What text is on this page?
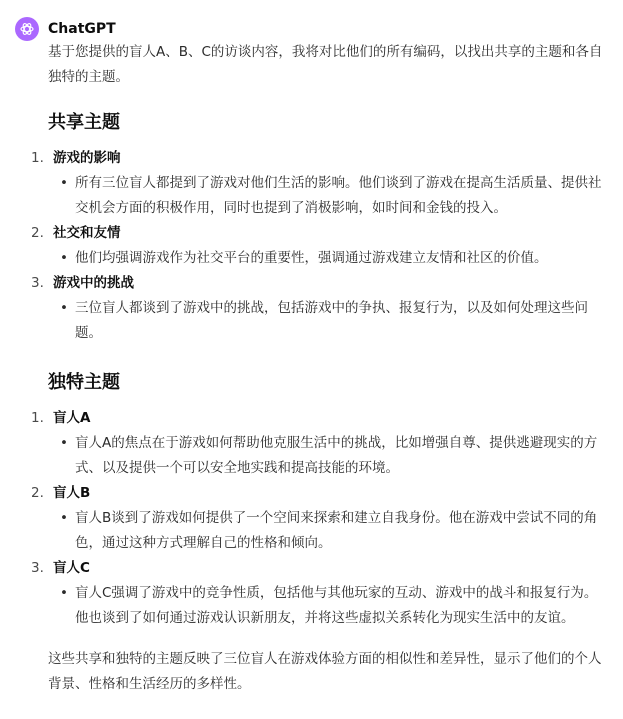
ChatGPT

基于您提供的盲人A、B、C的访谈内容，我将对比他们的所有编码，以找出共享的主题和各自独特的主题。

共享主题
1. 游戏的影响
• 所有三位盲人都提到了游戏对他们生活的影响。他们谈到了游戏在提高生活质量、提供社交机会方面的积极作用，同时也提到了消极影响，如时间和金钱的投入。
2. 社交和友情
• 他们均强调游戏作为社交平台的重要性，强调通过游戏建立友情和社区的价值。
3. 游戏中的挑战
• 三位盲人都谈到了游戏中的挑战，包括游戏中的争执、报复行为，以及如何处理这些问题。
独特主题
1. 盲人A
• 盲人A的焦点在于游戏如何帮助他克服生活中的挑战，比如增强自尊、提供逃避现实的方式、以及提供一个可以安全地实践和提高技能的环境。
2. 盲人B
• 盲人B谈到了游戏如何提供了一个空间来探索和建立自我身份。他在游戏中尝试不同的角色，通过这种方式理解自己的性格和倾向。
3. 盲人C
• 盲人C强调了游戏中的竞争性质，包括他与其他玩家的互动、游戏中的战斗和报复行为。他也谈到了如何通过游戏认识新朋友，并将这些虚拟关系转化为现实生活中的友谊。

这些共享和独特的主题反映了三位盲人在游戏体验方面的相似性和差异性，显示了他们的个人背景、性格和生活经历的多样性。
